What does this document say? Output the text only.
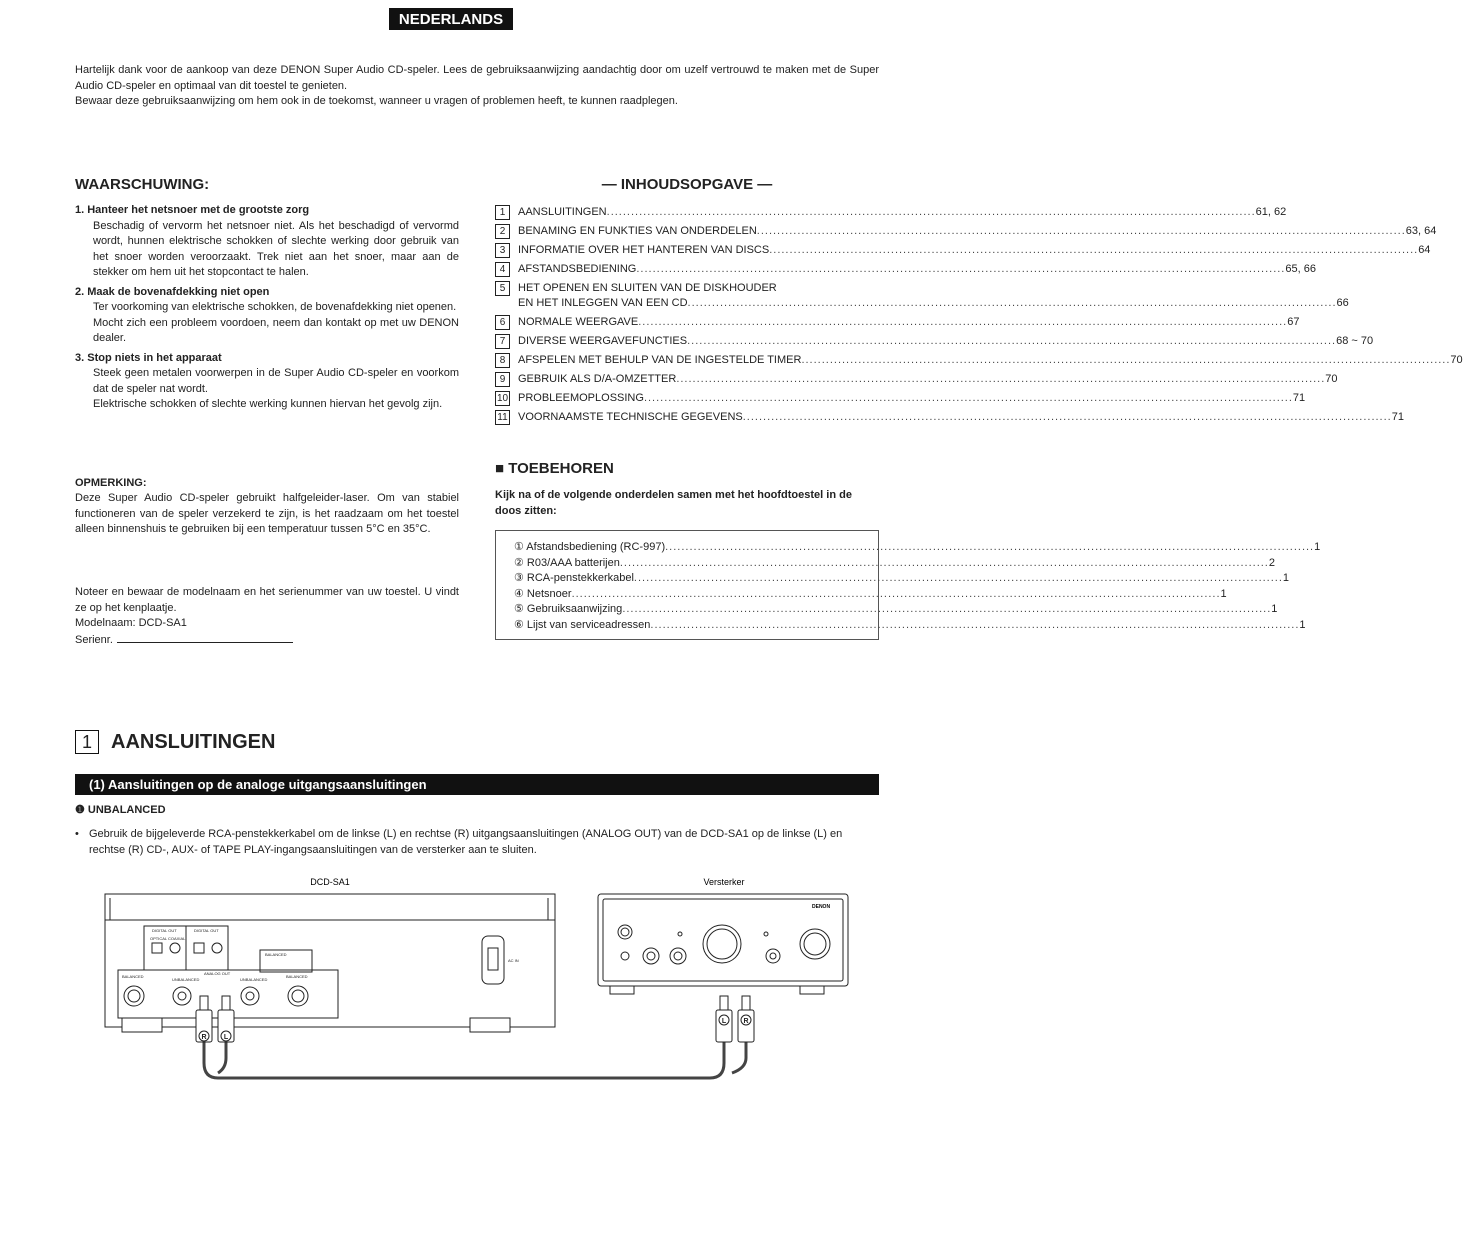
NEDERLANDS

Hartelijk dank voor de aankoop van deze DENON Super Audio CD-speler. Lees de gebruiksaanwijzing aandachtig door om uzelf vertrouwd te maken met de Super Audio CD-speler en optimaal van dit toestel te genieten.

Bewaar deze gebruiksaanwijzing om hem ook in de toekomst, wanneer u vragen of problemen heeft, te kunnen raadplegen.

WAARSCHUWING:
1. Hanteer het netsnoer met de grootste zorg
Beschadig of vervorm het netsnoer niet. Als het beschadigd of vervormd wordt, hunnen elektrische schokken of slechte werking door gebruik van het snoer worden veroorzaakt. Trek niet aan het snoer, maar aan de stekker om hem uit het stopcontact te halen.
2. Maak de bovenafdekking niet open
Ter voorkoming van elektrische schokken, de bovenafdekking niet openen.
Mocht zich een probleem voordoen, neem dan kontakt op met uw DENON dealer.
3. Stop niets in het apparaat
Steek geen metalen voorwerpen in de Super Audio CD-speler en voorkom dat de speler nat wordt.
Elektrische schokken of slechte werking kunnen hiervan het gevolg zijn.
OPMERKING:
Deze Super Audio CD-speler gebruikt halfgeleider-laser. Om van stabiel functioneren van de speler verzekerd te zijn, is het raadzaam om het toestel alleen binnenshuis te gebruiken bij een temperatuur tussen 5°C en 35°C.
Noteer en bewaar de modelnaam en het serienummer van uw toestel. U vindt ze op het kenplaatje.
Modelnaam: DCD-SA1
Serienr.
— INHOUDSOPGAVE —
1	AANSLUITINGEN .....	61, 62
2	BENAMING EN FUNKTIES VAN ONDERDELEN .....	63, 64
3	INFORMATIE OVER HET HANTEREN VAN DISCS .....	64
4	AFSTANDSBEDIENING .....	65, 66
5	HET OPENEN EN SLUITEN VAN DE DISKHOUDER
EN HET INLEGGEN VAN EEN CD .....	66
6	NORMALE WEERGAVE .....	67
7	DIVERSE WEERGAVEFUNCTIES .....	68 ~ 70
8	AFSPELEN MET BEHULP VAN DE INGESTELDE TIMER .....	70
9	GEBRUIK ALS D/A-OMZETTER .....	70
10 PROBLEEMOPLOSSING .....	71
11 VOORNAAMSTE TECHNISCHE GEGEVENS .....	71
■ TOEBEHOREN
Kijk na of de volgende onderdelen samen met het hoofdtoestel in de doos zitten:
① Afstandsbediening (RC-997) .....	1
② R03/AAA batterijen .....	2
③ RCA-penstekkerkabel .....	1
④ Netsnoer .....	1
⑤ Gebruiksaanwijzing .....	1
⑥ Lijst van serviceadressen .....	1
1 AANSLUITINGEN
(1) Aansluitingen op de analoge uitgangsaansluitingen
❶ UNBALANCED
• Gebruik de bijgeleverde RCA-penstekkerkabel om de linkse (L) en rechtse (R) uitgangsaansluitingen (ANALOG OUT) van de DCD-SA1 op de linkse (L) en rechtse (R) CD-, AUX- of TAPE PLAY-ingangsaansluitingen van de versterker aan te sluiten.
DCD-SA1	Versterker
DIGITAL OUT	DIGITAL OUT
OPTICAL COAXIAL
ANALOG OUT
BALANCED
BALANCED
UNBALANCED	UNBALANCED
BALANCED
AC IN
DENON
R L
L R
